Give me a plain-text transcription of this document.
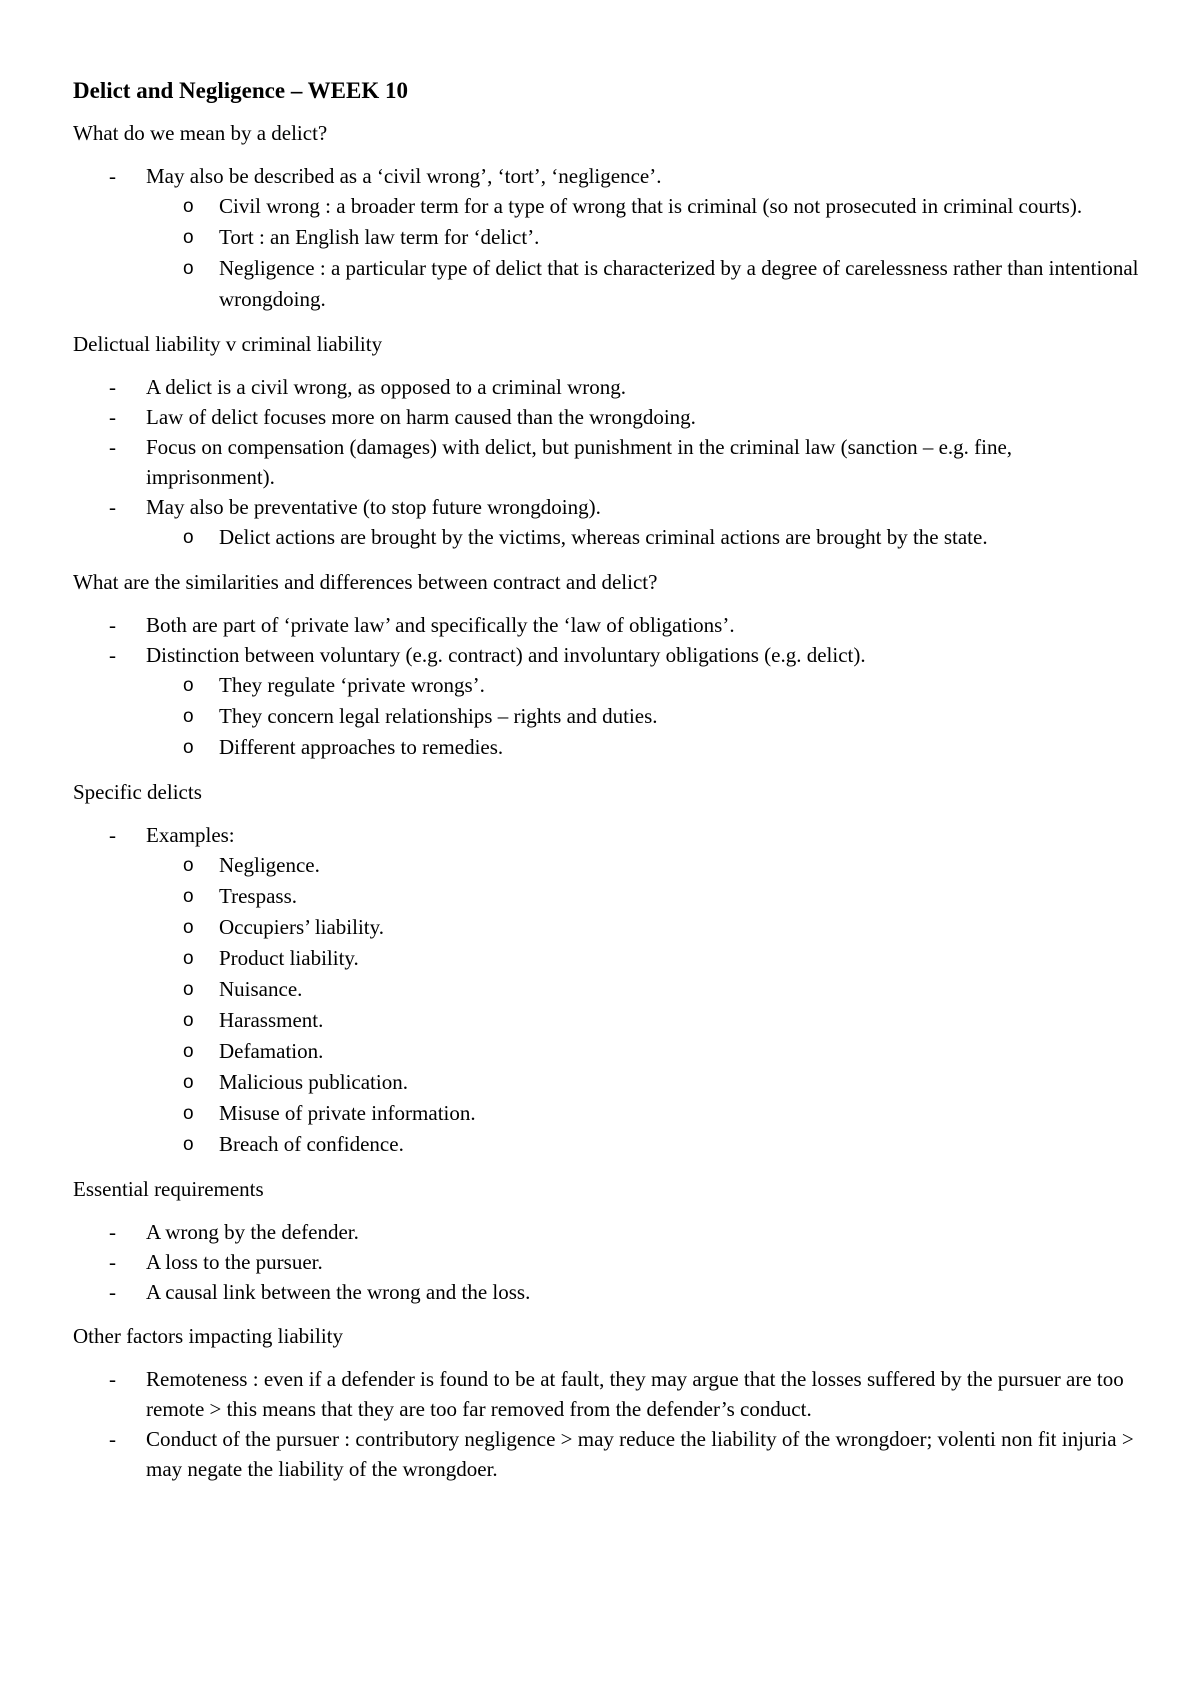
Delict and Negligence – WEEK 10
What do we mean by a delict?
- May also be described as a ‘civil wrong’, ‘tort’, ‘negligence’.
o Civil wrong : a broader term for a type of wrong that is criminal (so not prosecuted in criminal courts).
o Tort : an English law term for ‘delict’.
o Negligence : a particular type of delict that is characterized by a degree of carelessness rather than intentional wrongdoing.
Delictual liability v criminal liability
- A delict is a civil wrong, as opposed to a criminal wrong.
- Law of delict focuses more on harm caused than the wrongdoing.
- Focus on compensation (damages) with delict, but punishment in the criminal law (sanction – e.g. fine, imprisonment).
- May also be preventative (to stop future wrongdoing).
o Delict actions are brought by the victims, whereas criminal actions are brought by the state.
What are the similarities and differences between contract and delict?
- Both are part of ‘private law’ and specifically the ‘law of obligations’.
- Distinction between voluntary (e.g. contract) and involuntary obligations (e.g. delict).
o They regulate ‘private wrongs’.
o They concern legal relationships – rights and duties.
o Different approaches to remedies.
Specific delicts
- Examples:
o Negligence.
o Trespass.
o Occupiers’ liability.
o Product liability.
o Nuisance.
o Harassment.
o Defamation.
o Malicious publication.
o Misuse of private information.
o Breach of confidence.
Essential requirements
- A wrong by the defender.
- A loss to the pursuer.
- A causal link between the wrong and the loss.
Other factors impacting liability
- Remoteness : even if a defender is found to be at fault, they may argue that the losses suffered by the pursuer are too remote > this means that they are too far removed from the defender’s conduct.
- Conduct of the pursuer : contributory negligence > may reduce the liability of the wrongdoer; volenti non fit injuria > may negate the liability of the wrongdoer.
